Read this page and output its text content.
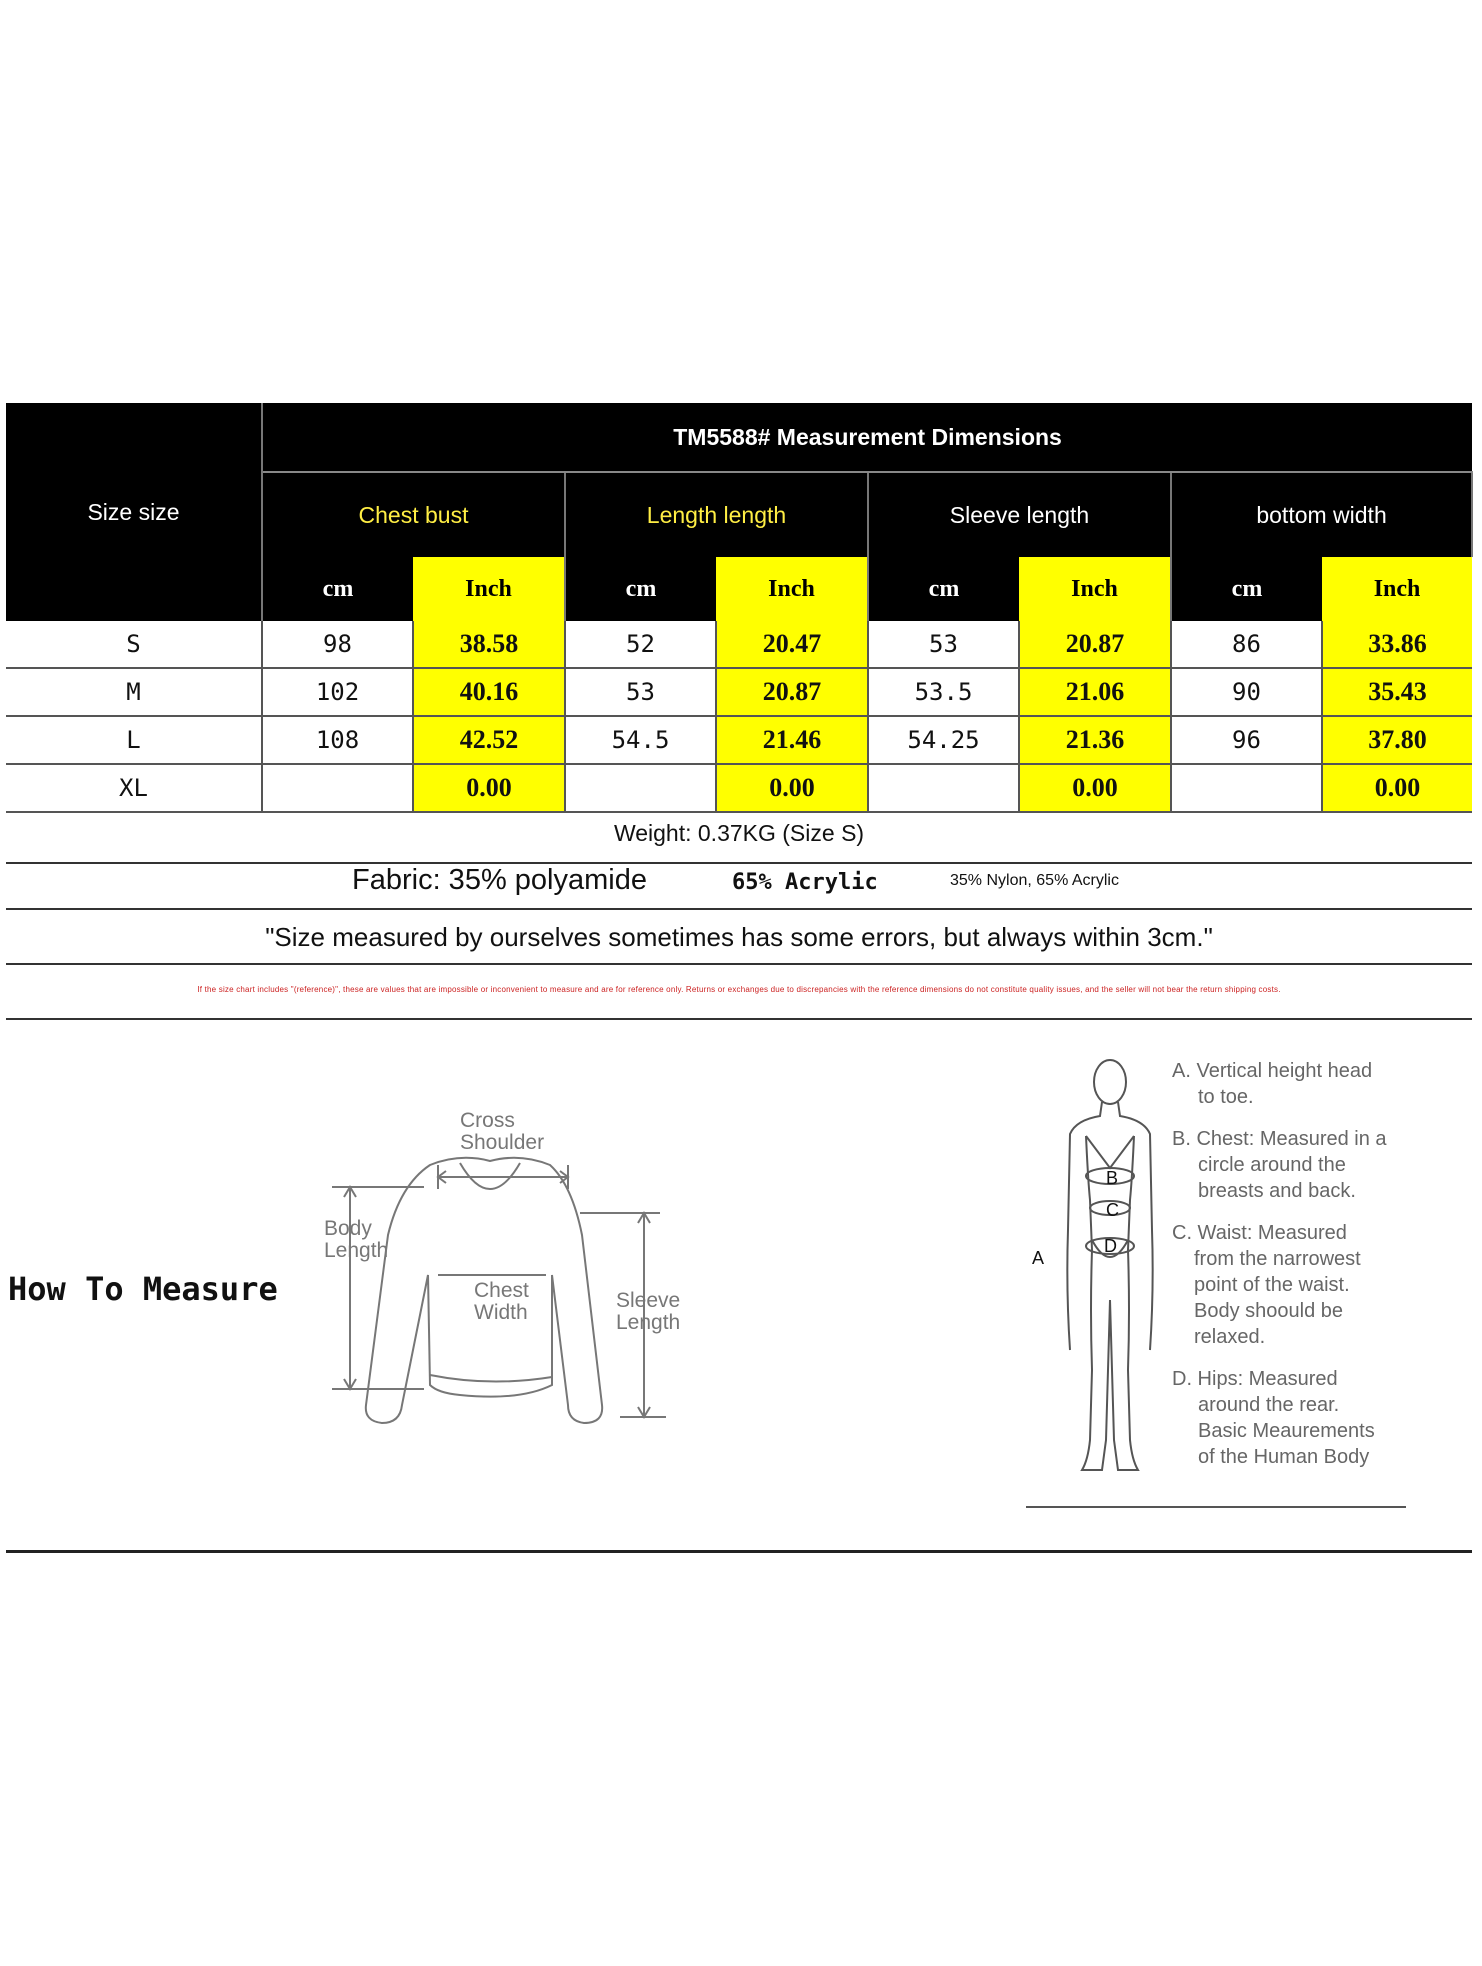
Size size	TM5588# Measurement Dimensions							
	Chest bust		Length length		Sleeve length		bottom width	
	cm	Inch	cm	Inch	cm	Inch	cm	Inch
S	98	38.58	52	20.47	53	20.87	86	33.86
M	102	40.16	53	20.87	53.5	21.06	90	35.43
L	108	42.52	54.5	21.46	54.25	21.36	96	37.80
XL		0.00		0.00		0.00		0.00
Weight: 0.37KG (Size S)
Fabric: 35% polyamide	65% Acrylic	35% Nylon, 65% Acrylic
"Size measured by ourselves sometimes has some errors, but always within 3cm."
If the size chart includes "(reference)", these are values that are impossible or inconvenient to measure and are for reference only. Returns or exchanges due to discrepancies with the reference dimensions do not constitute quality issues, and the seller will not bear the return shipping costs.
How To Measure
Cross
Shoulder
Body
Length
Chest
Width
Sleeve
Length
B
C
D
A
A. Vertical height head
to toe.
B. Chest: Measured in a
circle around the
breasts and back.
C. Waist: Measured
from the narrowest
point of the waist.
Body shoould be
relaxed.
D. Hips: Measured
around the rear.
Basic Meaurements
of the Human Body
